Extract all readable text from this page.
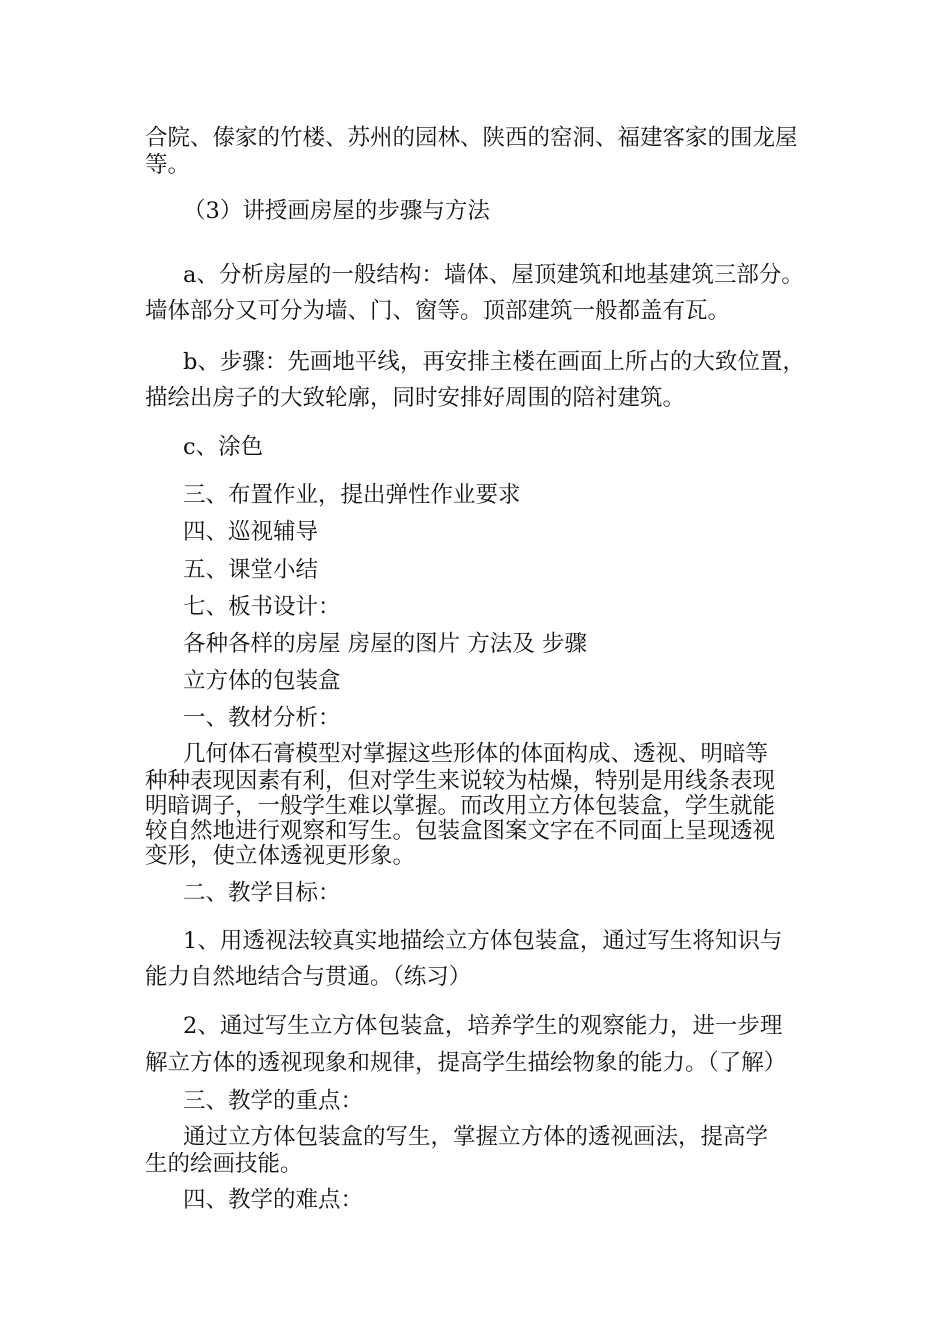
合院、傣家的竹楼、苏州的园林、陕西的窑洞、福建客家的围龙屋
等。
（3）讲授画房屋的步骤与方法
a、分析房屋的一般结构：墙体、屋顶建筑和地基建筑三部分。
墙体部分又可分为墙、门、窗等。顶部建筑一般都盖有瓦。
b、步骤：先画地平线，再安排主楼在画面上所占的大致位置，
描绘出房子的大致轮廓，同时安排好周围的陪衬建筑。
c、涂色
三、布置作业，提出弹性作业要求
四、巡视辅导
五、课堂小结
七、板书设计：
各种各样的房屋 房屋的图片 方法及 步骤
立方体的包装盒
一、教材分析：
几何体石膏模型对掌握这些形体的体面构成、透视、明暗等
种种表现因素有利，但对学生来说较为枯燥，特别是用线条表现
明暗调子，一般学生难以掌握。而改用立方体包装盒，学生就能
较自然地进行观察和写生。包装盒图案文字在不同面上呈现透视
变形，使立体透视更形象。
二、教学目标：
1、用透视法较真实地描绘立方体包装盒，通过写生将知识与
能力自然地结合与贯通。（练习）
2、通过写生立方体包装盒，培养学生的观察能力，进一步理
解立方体的透视现象和规律，提高学生描绘物象的能力。（了解）
三、教学的重点：
通过立方体包装盒的写生，掌握立方体的透视画法，提高学
生的绘画技能。
四、教学的难点：
